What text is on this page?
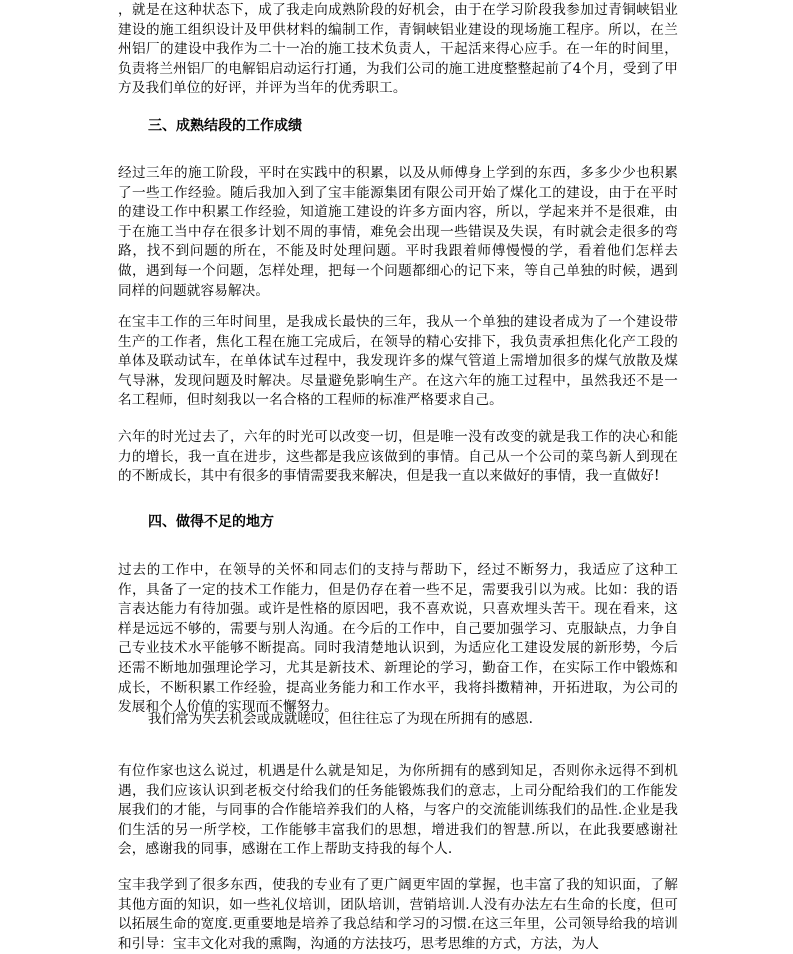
，就是在这种状态下，成了我走向成熟阶段的好机会，由于在学习阶段我参加过青铜峡铝业建设的施工组织设计及甲供材料的编制工作，青铜峡铝业建设的现场施工程序。所以，在兰州铝厂的建设中我作为二十一冶的施工技术负责人，干起活来得心应手。在一年的时间里，负责将兰州铝厂的电解铝启动运行打通，为我们公司的施工进度整整起前了4个月，受到了甲方及我们单位的好评，并评为当年的优秀职工。

三、成熟结段的工作成绩

经过三年的施工阶段，平时在实践中的积累，以及从师傅身上学到的东西，多多少少也积累了一些工作经验。随后我加入到了宝丰能源集团有限公司开始了煤化工的建设，由于在平时的建设工作中积累工作经验，知道施工建设的许多方面内容，所以，学起来并不是很难，由于在施工当中存在很多计划不周的事情，难免会出现一些错误及失误，有时就会走很多的弯路，找不到问题的所在，不能及时处理问题。平时我跟着师傅慢慢的学，看着他们怎样去做，遇到每一个问题，怎样处理，把每一个问题都细心的记下来，等自己单独的时候，遇到同样的问题就容易解决。

在宝丰工作的三年时间里，是我成长最快的三年，我从一个单独的建设者成为了一个建设带生产的工作者，焦化工程在施工完成后，在领导的精心安排下，我负责承担焦化化产工段的单体及联动试车，在单体试车过程中，我发现许多的煤气管道上需增加很多的煤气放散及煤气导淋，发现问题及时解决。尽量避免影响生产。在这六年的施工过程中，虽然我还不是一名工程师，但时刻我以一名合格的工程师的标准严格要求自己。

六年的时光过去了，六年的时光可以改变一切，但是唯一没有改变的就是我工作的决心和能力的增长，我一直在进步，这些都是我应该做到的事情。自己从一个公司的菜鸟新人到现在的不断成长，其中有很多的事情需要我来解决，但是我一直以来做好的事情，我一直做好!

四、做得不足的地方

过去的工作中，在领导的关怀和同志们的支持与帮助下，经过不断努力，我适应了这种工作，具备了一定的技术工作能力，但是仍存在着一些不足，需要我引以为戒。比如：我的语言表达能力有待加强。或许是性格的原因吧，我不喜欢说，只喜欢埋头苦干。现在看来，这样是远远不够的，需要与别人沟通。在今后的工作中，自己要加强学习、克服缺点，力争自己专业技术水平能够不断提高。同时我清楚地认识到，为适应化工建设发展的新形势，今后还需不断地加强理论学习，尤其是新技术、新理论的学习，勤奋工作，在实际工作中锻炼和成长，不断积累工作经验，提高业务能力和工作水平，我将抖擞精神，开拓进取，为公司的发展和个人价值的实现而不懈努力。

我们常为失去机会或成就嗟叹，但往往忘了为现在所拥有的感恩.

有位作家也这么说过，机遇是什么就是知足，为你所拥有的感到知足，否则你永远得不到机遇，我们应该认识到老板交付给我们的任务能锻炼我们的意志，上司分配给我们的工作能发展我们的才能，与同事的合作能培养我们的人格，与客户的交流能训练我们的品性.企业是我们生活的另一所学校，工作能够丰富我们的思想，增进我们的智慧.所以，在此我要感谢社会，感谢我的同事，感谢在工作上帮助支持我的每个人.

宝丰我学到了很多东西，使我的专业有了更广阔更牢固的掌握，也丰富了我的知识面，了解其他方面的知识，如一些礼仪培训，团队培训，营销培训.人没有办法左右生命的长度，但可以拓展生命的宽度.更重要地是培养了我总结和学习的习惯.在这三年里，公司领导给我的培训和引导：宝丰文化对我的熏陶，沟通的方法技巧，思考思维的方式，方法，为人
